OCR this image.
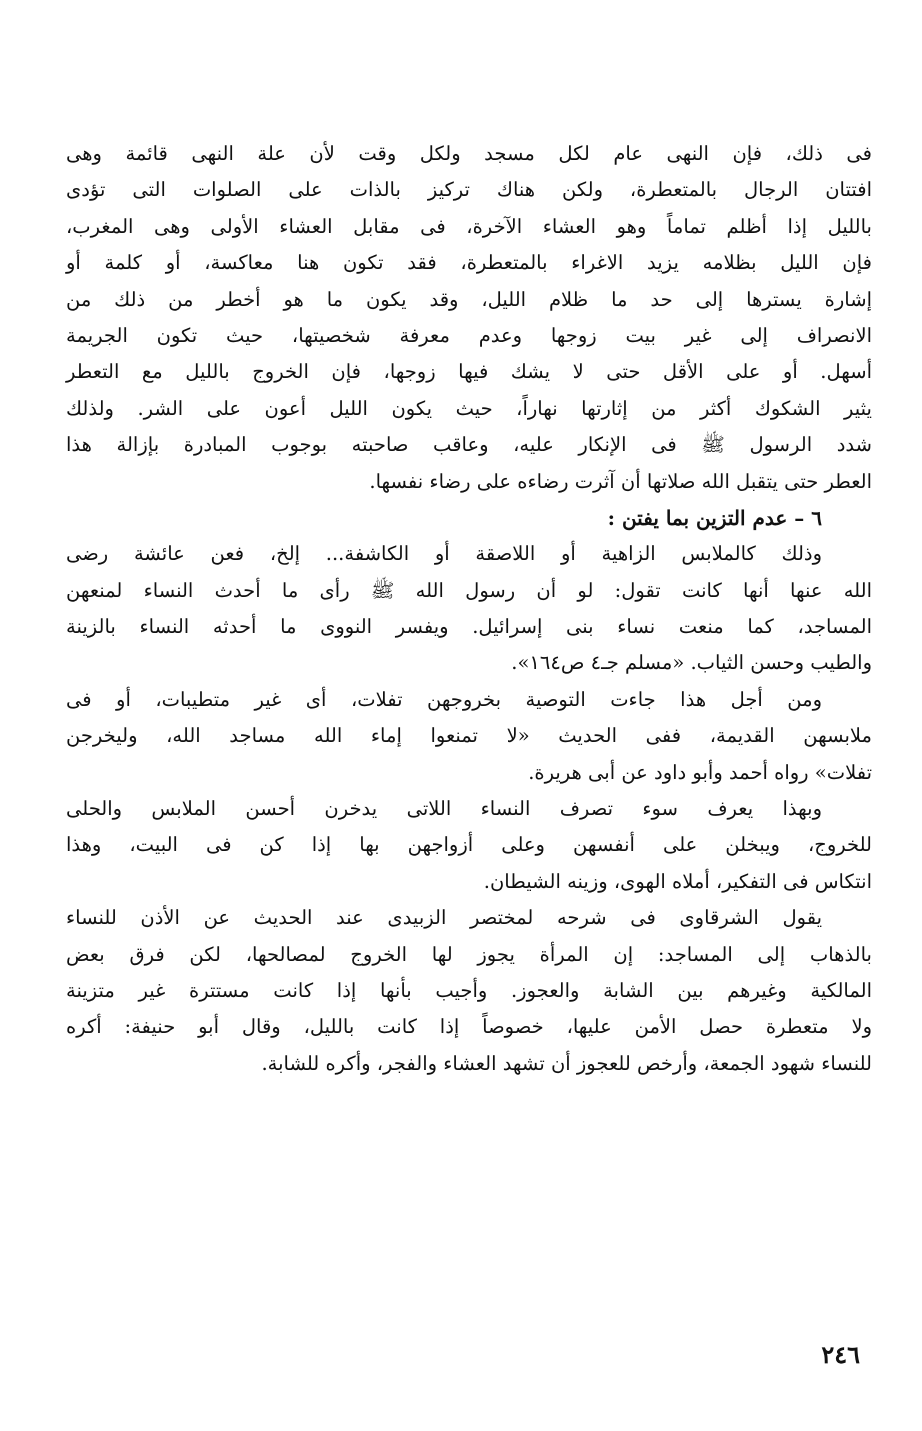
فى ذلك، فإن النهى عام لكل مسجد ولكل وقت لأن علة النهى قائمة وهى
افتتان الرجال بالمتعطرة، ولكن هناك تركيز بالذات على الصلوات التى تؤدى
بالليل إذا أظلم تماماً وهو العشاء الآخرة، فى مقابل العشاء الأولى وهى المغرب،
فإن الليل بظلامه يزيد الاغراء بالمتعطرة، فقد تكون هنا معاكسة، أو كلمة أو
إشارة يسترها إلى حد ما ظلام الليل، وقد يكون ما هو أخطر من ذلك من
الانصراف إلى غير بيت زوجها وعدم معرفة شخصيتها، حيث تكون الجريمة
أسهل. أو على الأقل حتى لا يشك فيها زوجها، فإن الخروج بالليل مع التعطر
يثير الشكوك أكثر من إثارتها نهاراً، حيث يكون الليل أعون على الشر. ولذلك
شدد الرسول ﷺ فى الإنكار عليه، وعاقب صاحبته بوجوب المبادرة بإزالة هذا
العطر حتى يتقبل الله صلاتها أن آثرت رضاءه على رضاء نفسها.
٦ – عدم التزين بما يفتن :
وذلك كالملابس الزاهية أو اللاصقة أو الكاشفة... إلخ، فعن عائشة رضى
الله عنها أنها كانت تقول: لو أن رسول الله ﷺ رأى ما أحدث النساء لمنعهن
المساجد، كما منعت نساء بنى إسرائيل. ويفسر النووى ما أحدثه النساء بالزينة
والطيب وحسن الثياب. «مسلم جـ٤ ص١٦٤».
ومن أجل هذا جاءت التوصية بخروجهن تفلات، أى غير متطيبات، أو فى
ملابسهن القديمة، ففى الحديث «لا تمنعوا إماء الله مساجد الله، وليخرجن
تفلات» رواه أحمد وأبو داود عن أبى هريرة.
وبهذا يعرف سوء تصرف النساء اللاتى يدخرن أحسن الملابس والحلى
للخروج، ويبخلن على أنفسهن وعلى أزواجهن بها إذا كن فى البيت، وهذا
انتكاس فى التفكير، أملاه الهوى، وزينه الشيطان.
يقول الشرقاوى فى شرحه لمختصر الزبيدى عند الحديث عن الأذن للنساء
بالذهاب إلى المساجد: إن المرأة يجوز لها الخروج لمصالحها، لكن فرق بعض
المالكية وغيرهم بين الشابة والعجوز. وأجيب بأنها إذا كانت مستترة غير متزينة
ولا متعطرة حصل الأمن عليها، خصوصاً إذا كانت بالليل، وقال أبو حنيفة: أكره
للنساء شهود الجمعة، وأرخص للعجوز أن تشهد العشاء والفجر، وأكره للشابة.
٢٤٦
